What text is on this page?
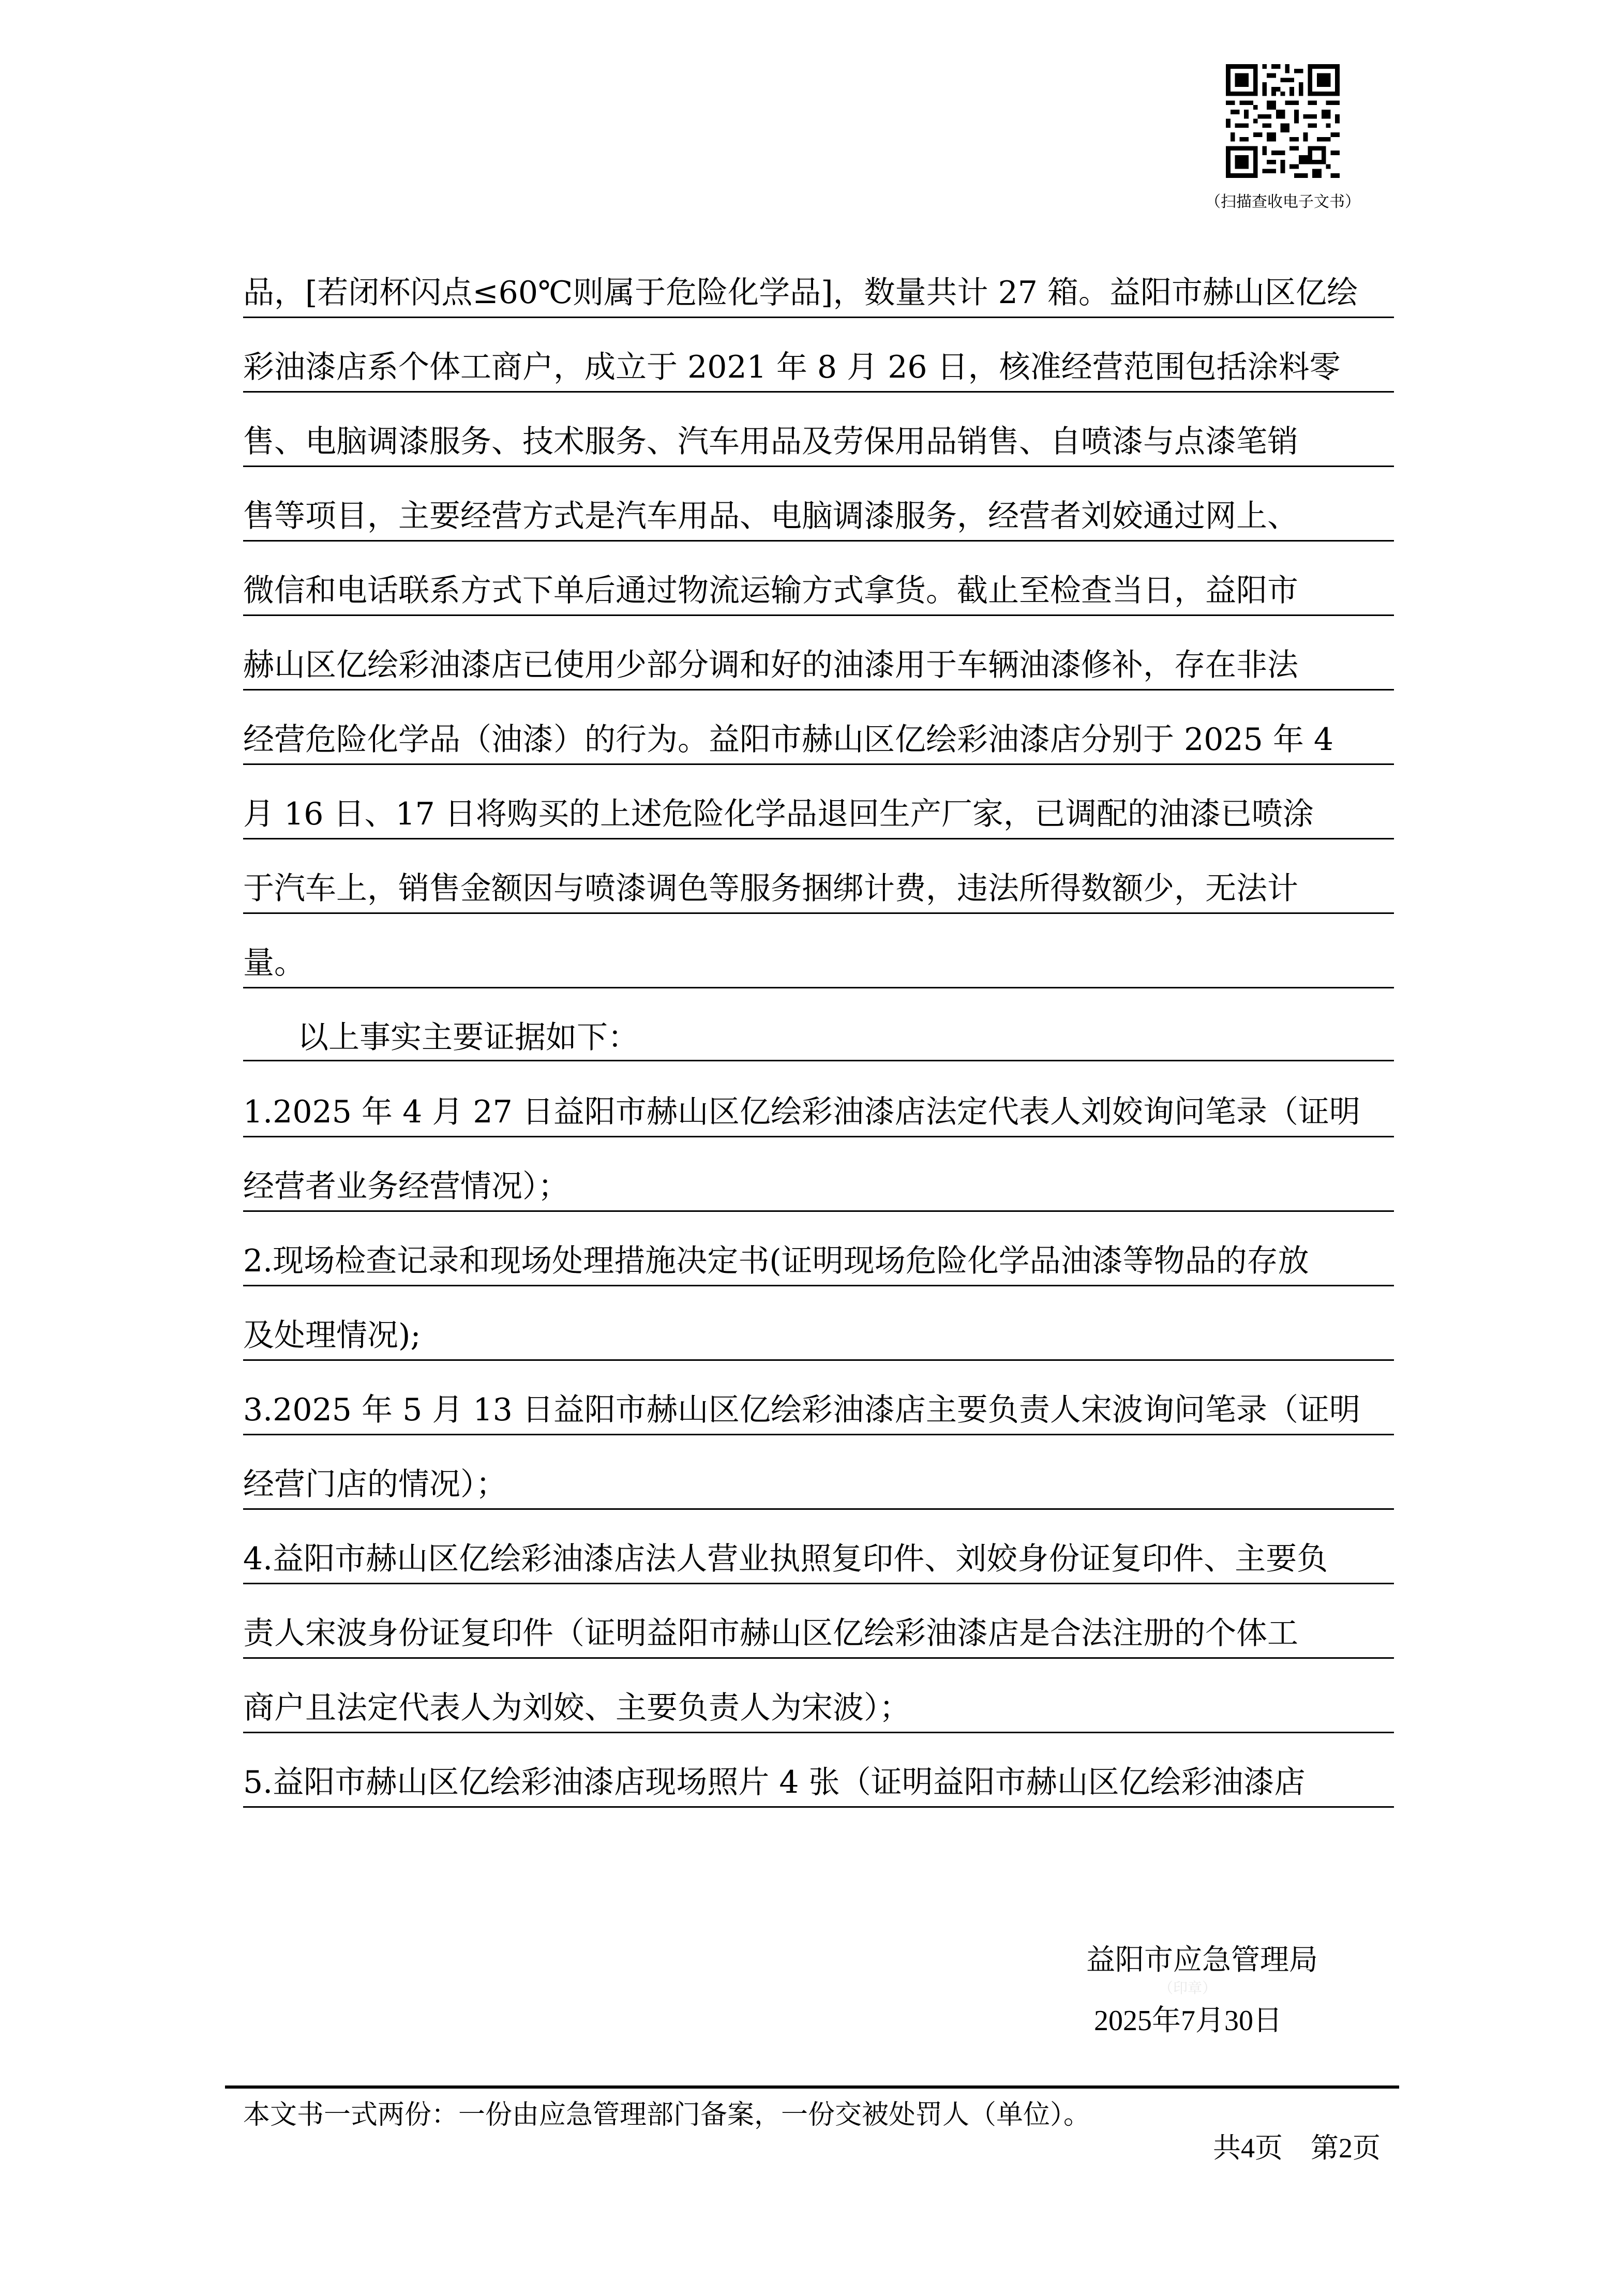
（扫描查收电子文书）
品，[若闭杯闪点≤60℃则属于危险化学品]，数量共计 27 箱。益阳市赫山区亿绘
彩油漆店系个体工商户，成立于 2021 年 8 月 26 日，核准经营范围包括涂料零
售、电脑调漆服务、技术服务、汽车用品及劳保用品销售、自喷漆与点漆笔销
售等项目，主要经营方式是汽车用品、电脑调漆服务，经营者刘姣通过网上、
微信和电话联系方式下单后通过物流运输方式拿货。截止至检查当日，益阳市
赫山区亿绘彩油漆店已使用少部分调和好的油漆用于车辆油漆修补，存在非法
经营危险化学品（油漆）的行为。益阳市赫山区亿绘彩油漆店分别于 2025 年 4
月 16 日、17 日将购买的上述危险化学品退回生产厂家，已调配的油漆已喷涂
于汽车上，销售金额因与喷漆调色等服务捆绑计费，违法所得数额少，无法计
量。
以上事实主要证据如下：
1.2025 年 4 月 27 日益阳市赫山区亿绘彩油漆店法定代表人刘姣询问笔录（证明
经营者业务经营情况）；
2.现场检查记录和现场处理措施决定书(证明现场危险化学品油漆等物品的存放
及处理情况);
3.2025 年 5 月 13 日益阳市赫山区亿绘彩油漆店主要负责人宋波询问笔录（证明
经营门店的情况）；
4.益阳市赫山区亿绘彩油漆店法人营业执照复印件、刘姣身份证复印件、主要负
责人宋波身份证复印件（证明益阳市赫山区亿绘彩油漆店是合法注册的个体工
商户且法定代表人为刘姣、主要负责人为宋波）；
5.益阳市赫山区亿绘彩油漆店现场照片 4 张（证明益阳市赫山区亿绘彩油漆店
益阳市应急管理局
（印章）
2025年7月30日
本文书一式两份：一份由应急管理部门备案，一份交被处罚人（单位）。
共4页　第2页
